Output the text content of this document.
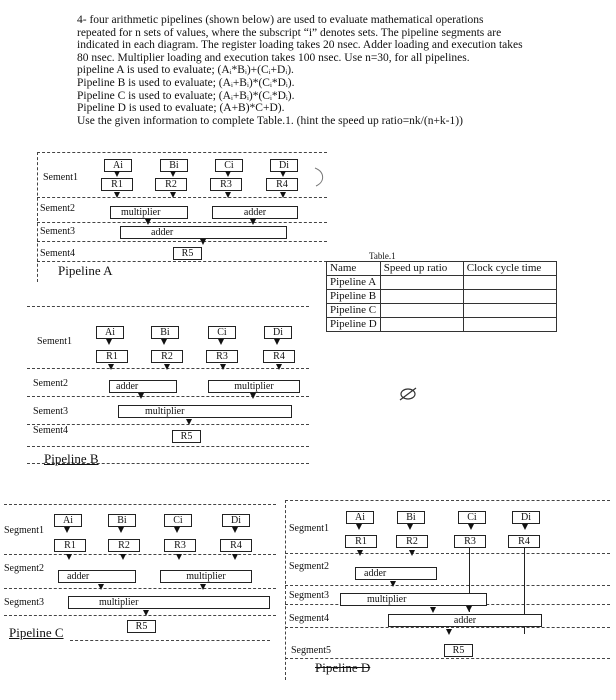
4- four arithmetic pipelines (shown below) are used to evaluate mathematical operations
repeated for n sets of values, where the subscript “i” denotes sets. The pipeline segments are
indicated in each diagram. The register loading takes 20 nsec. Adder loading and execution takes
80 nsec. Multiplier loading and execution takes 100 nsec. Use n=30, for all pipelines.
pipeline A is used to evaluate; (Aᵢ*Bᵢ)+(Cᵢ+Dᵢ).
Pipeline B is used to evaluate; (Aᵢ+Bᵢ)*(Cᵢ*Dᵢ).
Pipeline C is used to evaluate; (Aᵢ+Bᵢ)*(Cᵢ*Dᵢ).
Pipeline D is used to evaluate; (A+B)*C+D).
Use the given information to complete Table.1. (hint the speed up ratio=nk/(n+k-1))
Sement1
Sement2
Sement3
Sement4
Pipeline A
Ai	Bi	Ci	Di
R1	R2	R3	R4
multiplier	adder
adder
R5	Table.1
Name	Speed up ratio	Clock cycle time
Pipeline A		
Pipeline B		
Pipeline C		
Pipeline D		
Sement1
Sement2
Sement3
Sement4
Pipeline B
Ai	Bi	Ci	Di
R1	R2	R3	R4
adder	multiplier
multiplier
R5
Segment1
Segment2
Segment3
Pipeline C
Ai	Bi	Ci	Di
R1	R2	R3	R4
adder	multiplier
multiplier
R5
Segment1
Segment2
Segment3
Segment4
Segment5
Pipeline D
Ai	Bi	Ci	Di
R1	R2	R3	R4
adder
multiplier
adder
R5
